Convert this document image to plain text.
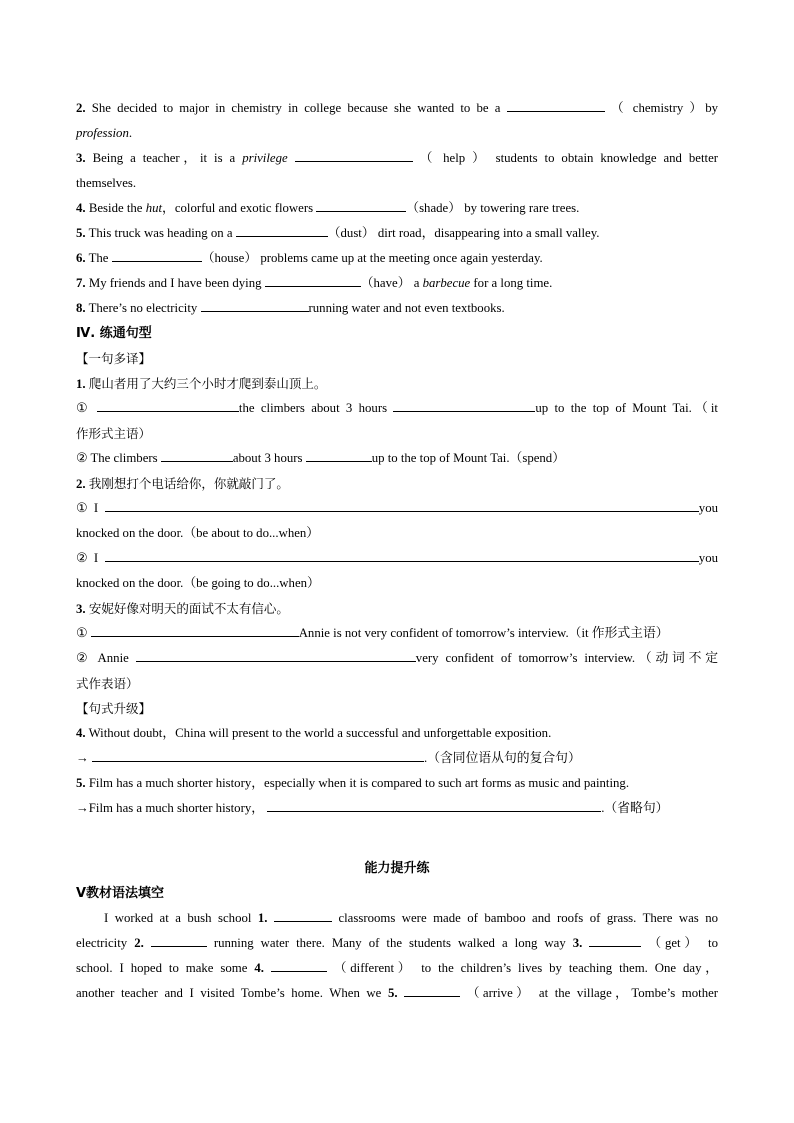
2. She decided to major in chemistry in college because she wanted to be a	（ chemistry ）by
profession.
3. Being a teacher，it is a privilege	（ help ） students to obtain knowledge and better
themselves.
4. Beside the hut，colorful and exotic flowers	（shade） by towering rare trees.
5. This truck was heading on a	（dust） dirt road，disappearing into a small valley.
6. The	（house） problems came up at the meeting once again yesterday.
7. My friends and I have been dying	（have） a barbecue for a long time.
8. There’s no electricity	running water and not even textbooks.
Ⅳ. 练通句型
【一句多译】
1. 爬山者用了大约三个小时才爬到泰山顶上。
①	the climbers about 3 hours	up to the top of Mount Tai.（it
作形式主语）
② The climbers	about 3 hours	up to the top of Mount Tai.（spend）
2. 我刚想打个电话给你，你就敲门了。
①
I
	you
knocked on the door.（be about to do...when）
②
I
	you
knocked on the door.（be going to do...when）
3. 安妮好像对明天的面试不太有信心。
①	Annie is not very confident of tomorrow’s interview.（it 作形式主语）
② Annie	very confident of tomorrow’s interview.（动词不定
式作表语）
【句式升级】
4. Without doubt，China will present to the world a successful and unforgettable exposition.
→	.（含同位语从句的复合句）
5. Film has a much shorter history，especially when it is compared to such art forms as music and painting.
→Film has a much shorter history，	.（省略句）
能力提升练
Ⅴ教材语法填空
I worked at a bush school 1.	classrooms were made of bamboo and roofs of grass. There was no
electricity 2.	running water there. Many of the students walked a long way 3.	（get） to
school. I hoped to make some 4.	（different） to the children’s lives by teaching them. One day，
another teacher and I visited Tombe’s home. When we 5.	（arrive） at the village，Tombe’s mother
